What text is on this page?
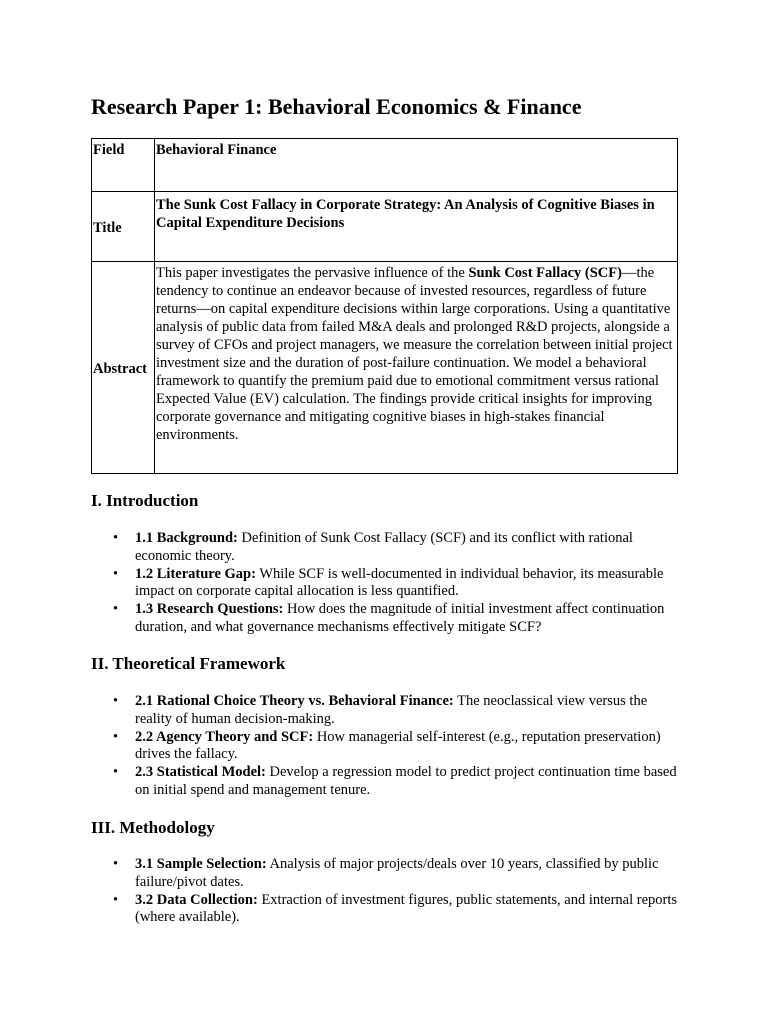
Research Paper 1: Behavioral Economics & Finance
Field	Behavioral Finance
Title	The Sunk Cost Fallacy in Corporate Strategy: An Analysis of Cognitive Biases in Capital Expenditure Decisions
Abstract	This paper investigates the pervasive influence of the Sunk Cost Fallacy (SCF)—the tendency to continue an endeavor because of invested resources, regardless of future returns—on capital expenditure decisions within large corporations. Using a quantitative analysis of public data from failed M&A deals and prolonged R&D projects, alongside a survey of CFOs and project managers, we measure the correlation between initial project investment size and the duration of post-failure continuation. We model a behavioral framework to quantify the premium paid due to emotional commitment versus rational Expected Value (EV) calculation. The findings provide critical insights for improving corporate governance and mitigating cognitive biases in high-stakes financial environments.
I. Introduction
• 1.1 Background: Definition of Sunk Cost Fallacy (SCF) and its conflict with rational economic theory.
• 1.2 Literature Gap: While SCF is well-documented in individual behavior, its measurable impact on corporate capital allocation is less quantified.
• 1.3 Research Questions: How does the magnitude of initial investment affect continuation duration, and what governance mechanisms effectively mitigate SCF?
II. Theoretical Framework
• 2.1 Rational Choice Theory vs. Behavioral Finance: The neoclassical view versus the reality of human decision-making.
• 2.2 Agency Theory and SCF: How managerial self-interest (e.g., reputation preservation) drives the fallacy.
• 2.3 Statistical Model: Develop a regression model to predict project continuation time based on initial spend and management tenure.
III. Methodology
• 3.1 Sample Selection: Analysis of major projects/deals over 10 years, classified by public failure/pivot dates.
• 3.2 Data Collection: Extraction of investment figures, public statements, and internal reports (where available).
